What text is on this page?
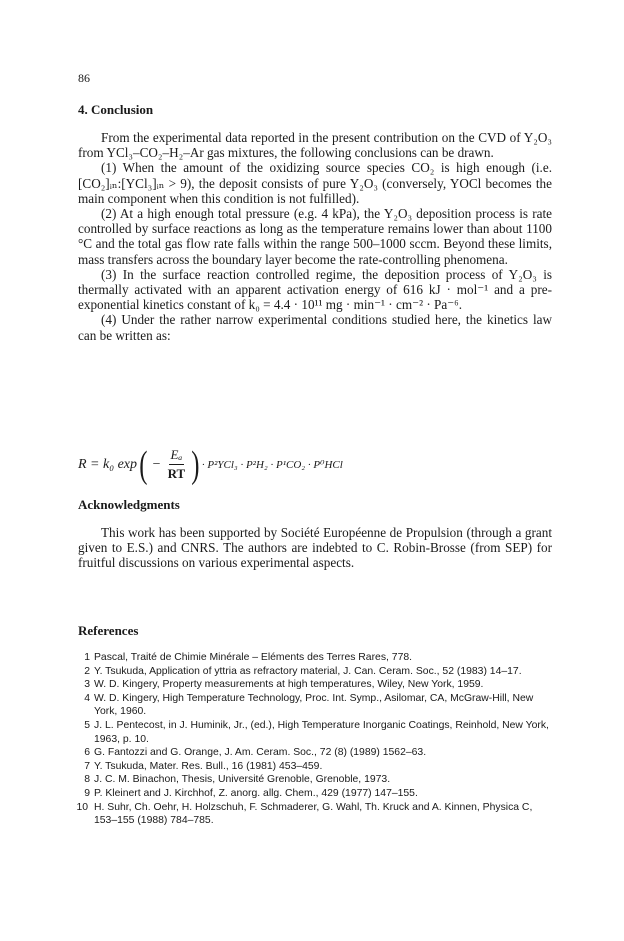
86
4. Conclusion

From the experimental data reported in the present contribution on the CVD of Y₂O₃ from YCl₃–CO₂–H₂–Ar gas mixtures, the following conclusions can be drawn.

(1) When the amount of the oxidizing source species CO₂ is high enough (i.e. [CO₂]ᵢₙ:[YCl₃]ᵢₙ > 9), the deposit consists of pure Y₂O₃ (conversely, YOCl becomes the main component when this condition is not fulfilled).

(2) At a high enough total pressure (e.g. 4 kPa), the Y₂O₃ deposition process is rate controlled by surface reactions as long as the temperature remains lower than about 1100 °C and the total gas flow rate falls within the range 500–1000 sccm. Beyond these limits, mass transfers across the boundary layer become the rate-controlling phenomena.

(3) In the surface reaction controlled regime, the deposition process of Y₂O₃ is thermally activated with an apparent activation energy of 616 kJ · mol⁻¹ and a pre-exponential kinetics constant of k₀ = 4.4 · 10¹¹ mg · min⁻¹ · cm⁻² · Pa⁻⁶.

(4) Under the rather narrow experimental conditions studied here, the kinetics law can be written as:

R = k₀ exp ( − $\frac{\text{Eₐ}}{RT}$ ) · P²YCl₃ · P²H₂ · P¹CO₂ · P⁰HCl
Acknowledgments

This work has been supported by Société Européenne de Propulsion (through a grant given to E.S.) and CNRS. The authors are indebted to C. Robin-Brosse (from SEP) for fruitful discussions on various experimental aspects.

References
1 Pascal, Traité de Chimie Minérale – Eléments des Terres Rares, 778.
2 Y. Tsukuda, Application of yttria as refractory material, J. Can. Ceram. Soc., 52 (1983) 14–17.
3 W. D. Kingery, Property measurements at high temperatures, Wiley, New York, 1959.
4 W. D. Kingery, High Temperature Technology, Proc. Int. Symp., Asilomar, CA, McGraw-Hill, New York, 1960.
5 J. L. Pentecost, in J. Huminik, Jr., (ed.), High Temperature Inorganic Coatings, Reinhold, New York, 1963, p. 10.
6 G. Fantozzi and G. Orange, J. Am. Ceram. Soc., 72 (8) (1989) 1562–63.
7 Y. Tsukuda, Mater. Res. Bull., 16 (1981) 453–459.
8 J. C. M. Binachon, Thesis, Université Grenoble, Grenoble, 1973.
9 P. Kleinert and J. Kirchhof, Z. anorg. allg. Chem., 429 (1977) 147–155.
10 H. Suhr, Ch. Oehr, H. Holzschuh, F. Schmaderer, G. Wahl, Th. Kruck and A. Kinnen, Physica C, 153–155 (1988) 784–785.
